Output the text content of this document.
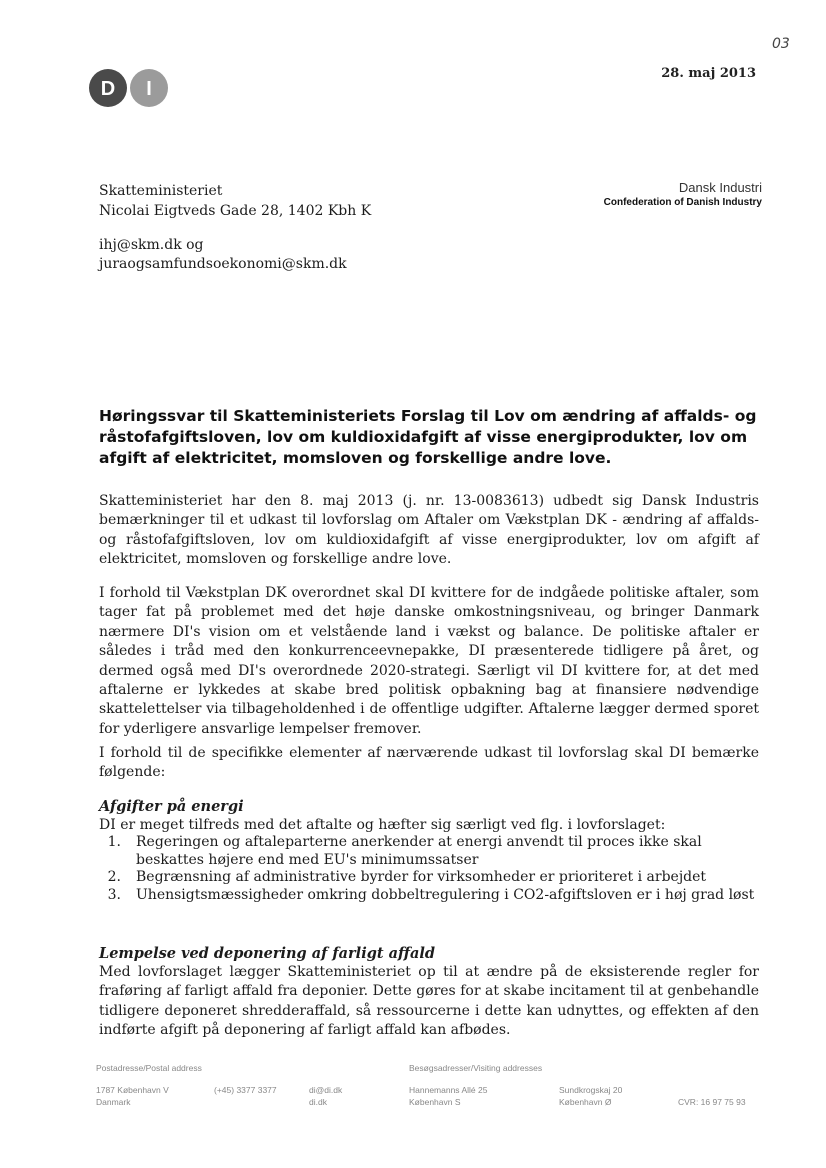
03
D I
28. maj 2013
Skatteministeriet
Nicolai Eigtveds Gade 28, 1402 Kbh K
Dansk Industri
Confederation of Danish Industry
ihj@skm.dk og
juraogsamfundsoekonomi@skm.dk
Høringssvar til Skatteministeriets Forslag til Lov om ændring af affalds- og råstofafgiftsloven, lov om kuldioxidafgift af visse energiprodukter, lov om afgift af elektricitet, momsloven og forskellige andre love.
Skatteministeriet har den 8. maj 2013 (j. nr. 13-0083613) udbedt sig Dansk Industris bemærkninger til et udkast til lovforslag om Aftaler om Vækstplan DK - ændring af affalds- og råstofafgiftsloven, lov om kuldioxidafgift af visse energiprodukter, lov om afgift af elektricitet, momsloven og forskellige andre love.
I forhold til Vækstplan DK overordnet skal DI kvittere for de indgåede politiske aftaler, som tager fat på problemet med det høje danske omkostningsniveau, og bringer Danmark nærmere DI's vision om et velstående land i vækst og balance. De politiske aftaler er således i tråd med den konkurrenceevnepakke, DI præsenterede tidligere på året, og dermed også med DI's overordnede 2020-strategi. Særligt vil DI kvittere for, at det med aftalerne er lykkedes at skabe bred politisk opbakning bag at finansiere nødvendige skattelettelser via tilbageholdenhed i de offentlige udgifter. Aftalerne lægger dermed sporet for yderligere ansvarlige lempelser fremover.
I forhold til de specifikke elementer af nærværende udkast til lovforslag skal DI bemærke følgende:
Afgifter på energi
DI er meget tilfreds med det aftalte og hæfter sig særligt ved flg. i lovforslaget:
1. Regeringen og aftaleparterne anerkender at energi anvendt til proces ikke skal beskattes højere end med EU's minimumssatser
2. Begrænsning af administrative byrder for virksomheder er prioriteret i arbejdet
3. Uhensigtsmæssigheder omkring dobbeltregulering i CO2-afgiftsloven er i høj grad løst
Lempelse ved deponering af farligt affald
Med lovforslaget lægger Skatteministeriet op til at ændre på de eksisterende regler for fraføring af farligt affald fra deponier. Dette gøres for at skabe incitament til at genbehandle tidligere deponeret shredderaffald, så ressourcerne i dette kan udnyttes, og effekten af den indførte afgift på deponering af farligt affald kan afbødes.
Postadresse/Postal address
1787 København V
Danmark
(+45) 3377 3377	di@di.dk
di.dk
Besøgsadresser/Visiting addresses
Hannemanns Allé 25
København S
Sundkrogskaj 20
København Ø	CVR: 16 97 75 93
